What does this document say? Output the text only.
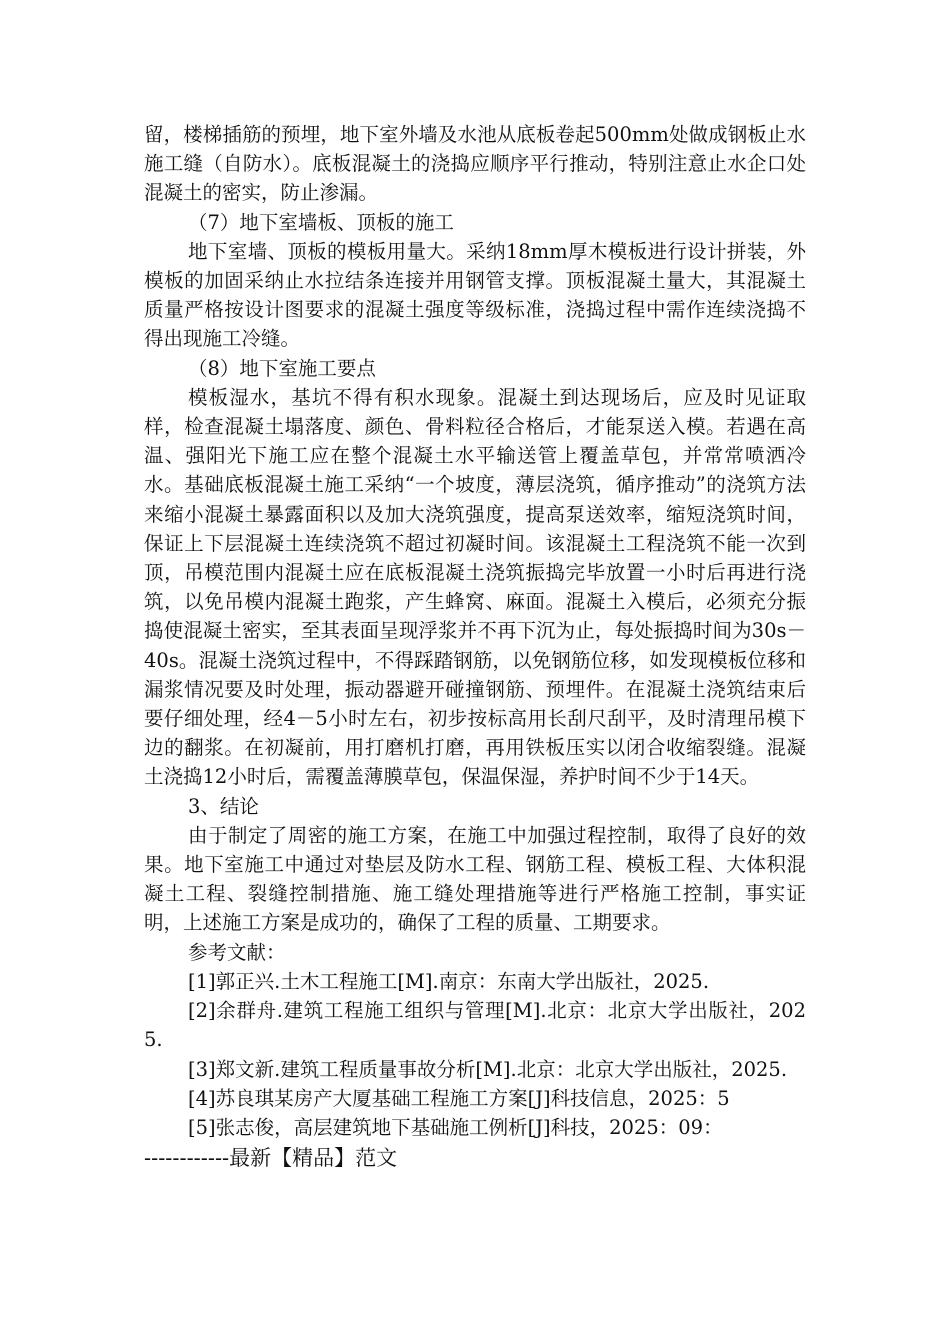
留，楼梯插筋的预埋，地下室外墙及水池从底板卷起500mm处做成钢板止水施工缝（自防水）。底板混凝土的浇捣应顺序平行推动，特别注意止水企口处混凝土的密实，防止渗漏。

（7）地下室墙板、顶板的施工

地下室墙、顶板的模板用量大。采纳18mm厚木模板进行设计拼装，外模板的加固采纳止水拉结条连接并用钢管支撑。顶板混凝土量大，其混凝土质量严格按设计图要求的混凝土强度等级标准，浇捣过程中需作连续浇捣不得出现施工冷缝。

（8）地下室施工要点

模板湿水，基坑不得有积水现象。混凝土到达现场后，应及时见证取样，检查混凝土塌落度、颜色、骨料粒径合格后，才能泵送入模。若遇在高温、强阳光下施工应在整个混凝土水平输送管上覆盖草包，并常常喷洒冷水。基础底板混凝土施工采纳“一个坡度，薄层浇筑，循序推动”的浇筑方法来缩小混凝土暴露面积以及加大浇筑强度，提高泵送效率，缩短浇筑时间，保证上下层混凝土连续浇筑不超过初凝时间。该混凝土工程浇筑不能一次到顶，吊模范围内混凝土应在底板混凝土浇筑振捣完毕放置一小时后再进行浇筑，以免吊模内混凝土跑浆，产生蜂窝、麻面。混凝土入模后，必须充分振捣使混凝土密实，至其表面呈现浮浆并不再下沉为止，每处振捣时间为30s－40s。混凝土浇筑过程中，不得踩踏钢筋，以免钢筋位移，如发现模板位移和漏浆情况要及时处理，振动器避开碰撞钢筋、预埋件。在混凝土浇筑结束后要仔细处理，经4－5小时左右，初步按标高用长刮尺刮平，及时清理吊模下边的翻浆。在初凝前，用打磨机打磨，再用铁板压实以闭合收缩裂缝。混凝土浇捣12小时后，需覆盖薄膜草包，保温保湿，养护时间不少于14天。

3、结论

由于制定了周密的施工方案，在施工中加强过程控制，取得了良好的效果。地下室施工中通过对垫层及防水工程、钢筋工程、模板工程、大体积混凝土工程、裂缝控制措施、施工缝处理措施等进行严格施工控制，事实证明，上述施工方案是成功的，确保了工程的质量、工期要求。

参考文献：

[1]郭正兴.土木工程施工[M].南京：东南大学出版社，2025.

[2]余群舟.建筑工程施工组织与管理[M].北京：北京大学出版社，2025.

[3]郑文新.建筑工程质量事故分析[M].北京：北京大学出版社，2025.

[4]苏良琪某房产大厦基础工程施工方案[J]科技信息，2025：5

[5]张志俊，高层建筑地下基础施工例析[J]科技，2025：09：

------------最新【精品】范文
